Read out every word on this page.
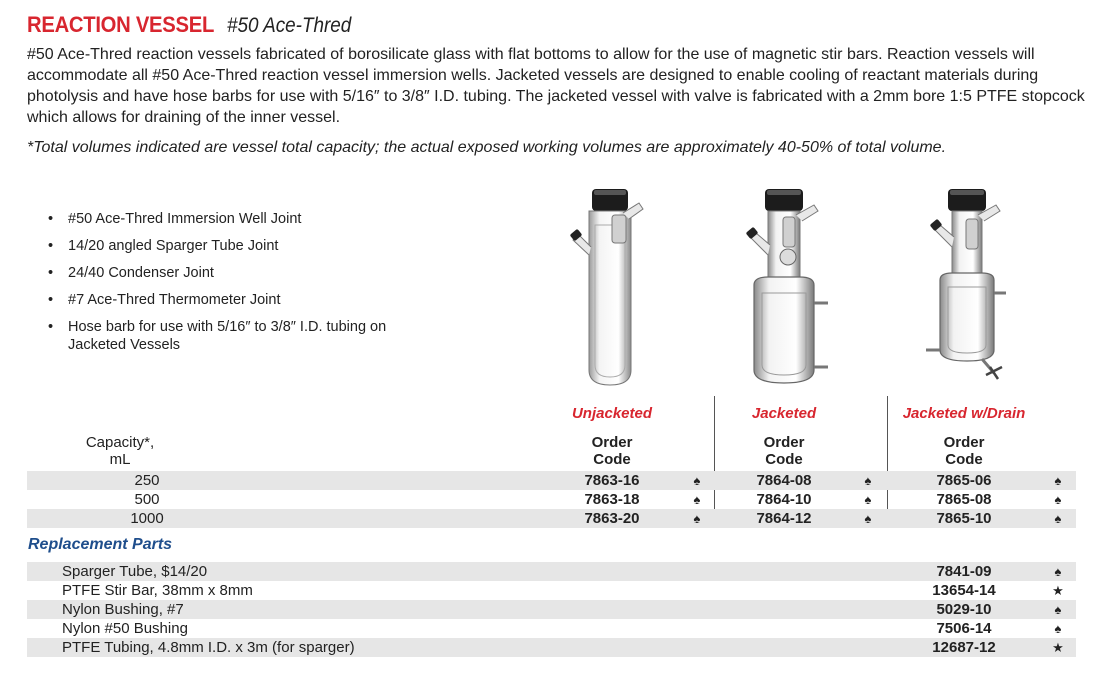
REACTION VESSEL #50 Ace-Thred
#50 Ace-Thred reaction vessels fabricated of borosilicate glass with flat bottoms to allow for the use of magnetic stir bars. Reaction vessels will accommodate all #50 Ace-Thred reaction vessel immersion wells. Jacketed vessels are designed to enable cooling of reactant materials during photolysis and have hose barbs for use with 5/16″ to 3/8″ I.D. tubing. The jacketed vessel with valve is fabricated with a 2mm bore 1:5 PTFE stopcock which allows for draining of the inner vessel.
*Total volumes indicated are vessel total capacity; the actual exposed working volumes are approximately 40-50% of total volume.
• #50 Ace-Thred Immersion Well Joint
• 14/20 angled Sparger Tube Joint
• 24/40 Condenser Joint
• #7 Ace-Thred Thermometer Joint
• Hose barb for use with 5/16″ to 3/8″ I.D. tubing on Jacketed Vessels
Unjacketed	Jacketed	Jacketed w/Drain
Capacity*,
mL
Order
Code
Order
Code
Order
Code
250	7863-16	♠	7864-08	♠	7865-06	♠
500	7863-18	♠	7864-10	♠	7865-08	♠
1000	7863-20	♠	7864-12	♠	7865-10	♠
Replacement Parts
Sparger Tube, $14/20	7841-09	♠
PTFE Stir Bar, 38mm x 8mm	13654-14	★
Nylon Bushing, #7	5029-10	♠
Nylon #50 Bushing	7506-14	♠
PTFE Tubing, 4.8mm I.D. x 3m (for sparger)	12687-12	★
